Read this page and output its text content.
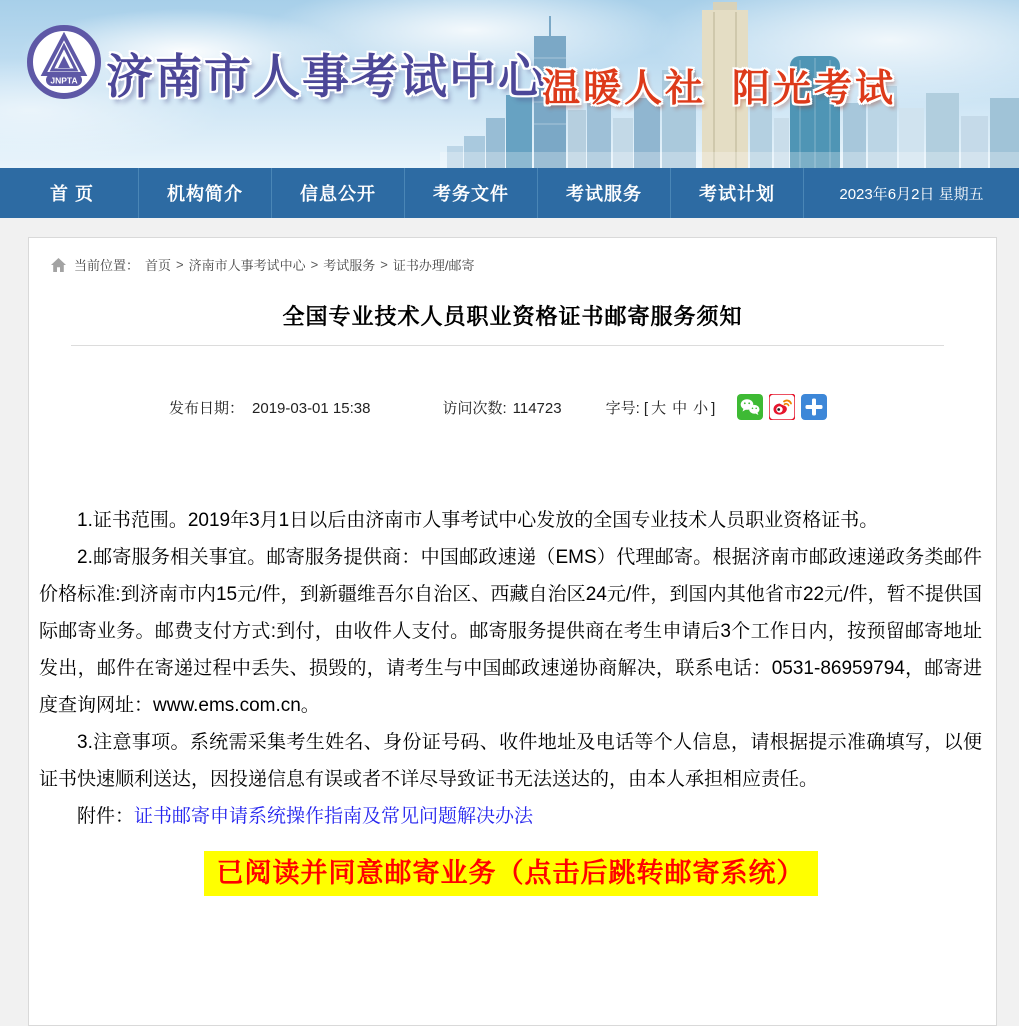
JNPTA 济南市人事考试中心
温暖人社 阳光考试
首 页	机构简介	信息公开	考务文件	考试服务	考试计划	2023年6月2日 星期五
当前位置： 首页 > 济南市人事考试中心 > 考试服务 > 证书办理/邮寄
全国专业技术人员职业资格证书邮寄服务须知
发布日期： 2019-03-01 15:38	访问次数: 114723	字号: [ 大 中 小 ]

1.证书范围。2019年3月1日以后由济南市人事考试中心发放的全国专业技术人员职业资格证书。

2.邮寄服务相关事宜。邮寄服务提供商：中国邮政速递（EMS）代理邮寄。根据济南市邮政速递政务类邮件价格标准:到济南市内15元/件，到新疆维吾尔自治区、西藏自治区24元/件，到国内其他省市22元/件，暂不提供国际邮寄业务。邮费支付方式:到付，由收件人支付。邮寄服务提供商在考生申请后3个工作日内，按预留邮寄地址发出，邮件在寄递过程中丢失、损毁的，请考生与中国邮政速递协商解决，联系电话：0531-86959794，邮寄进度查询网址：www.ems.com.cn。

3.注意事项。系统需采集考生姓名、身份证号码、收件地址及电话等个人信息，请根据提示准确填写，以便证书快速顺利送达，因投递信息有误或者不详尽导致证书无法送达的，由本人承担相应责任。

附件：证书邮寄申请系统操作指南及常见问题解决办法

已阅读并同意邮寄业务（点击后跳转邮寄系统）
